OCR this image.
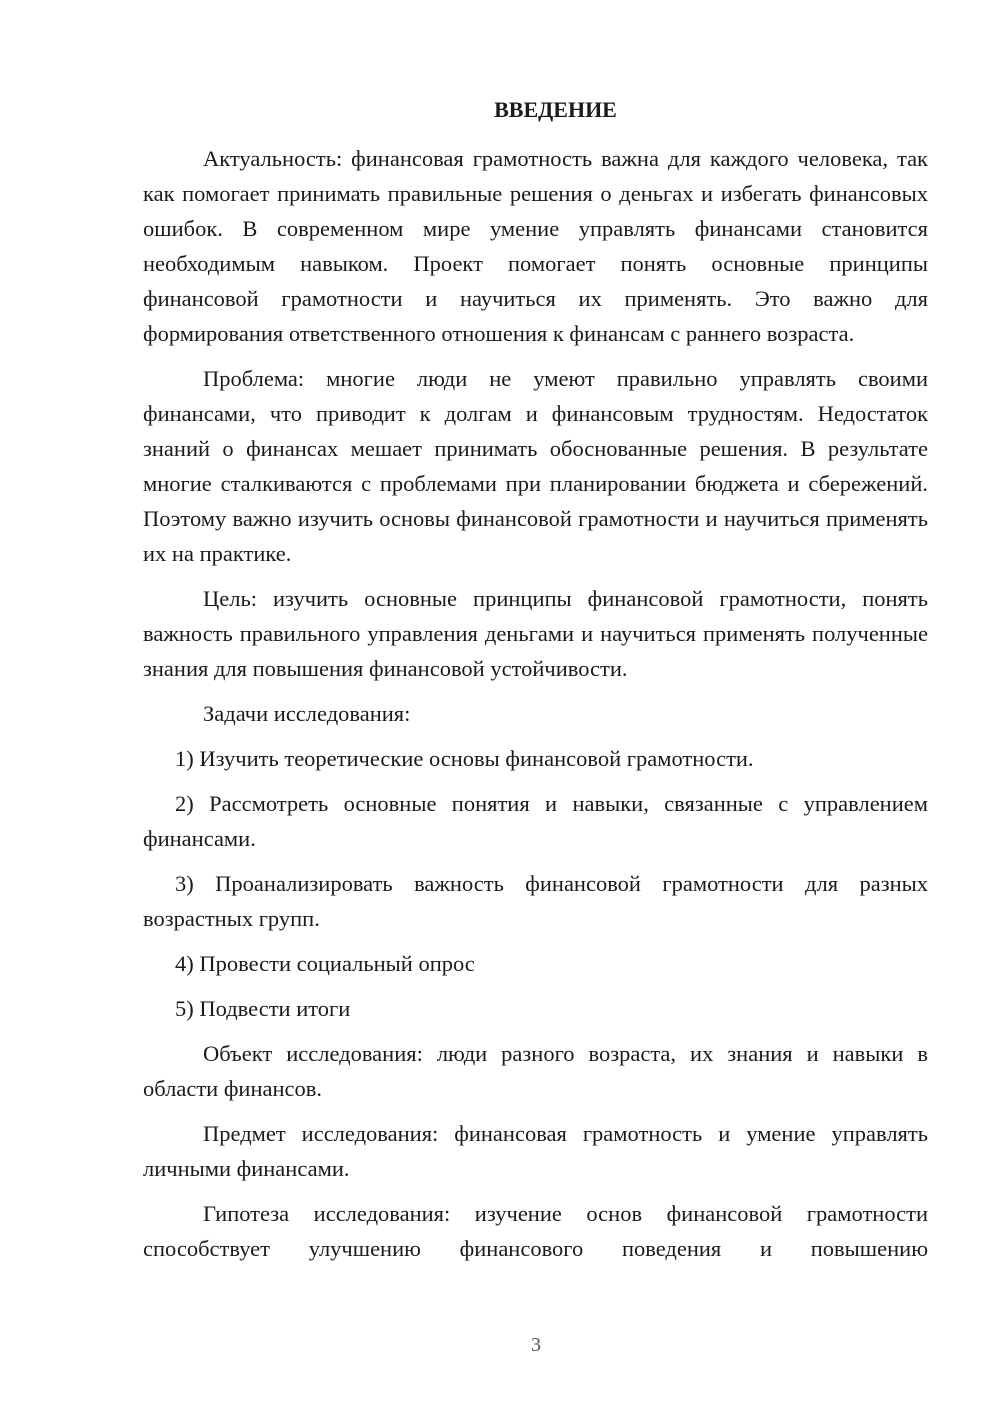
ВВЕДЕНИЕ

Актуальность: финансовая грамотность важна для каждого человека, так как помогает принимать правильные решения о деньгах и избегать финансовых ошибок. В современном мире умение управлять финансами становится необходимым навыком. Проект помогает понять основные принципы финансовой грамотности и научиться их применять. Это важно для формирования ответственного отношения к финансам с раннего возраста.

Проблема: многие люди не умеют правильно управлять своими финансами, что приводит к долгам и финансовым трудностям. Недостаток знаний о финансах мешает принимать обоснованные решения. В результате многие сталкиваются с проблемами при планировании бюджета и сбережений. Поэтому важно изучить основы финансовой грамотности и научиться применять их на практике.

Цель: изучить основные принципы финансовой грамотности, понять важность правильного управления деньгами и научиться применять полученные знания для повышения финансовой устойчивости.

Задачи исследования:

1) Изучить теоретические основы финансовой грамотности.

2) Рассмотреть основные понятия и навыки, связанные с управлением финансами.

3) Проанализировать важность финансовой грамотности для разных возрастных групп.

4) Провести социальный опрос

5) Подвести итоги

Объект исследования: люди разного возраста, их знания и навыки в области финансов.

Предмет исследования: финансовая грамотность и умение управлять личными финансами.

Гипотеза исследования: изучение основ финансовой грамотности способствует улучшению финансового поведения и повышению

3
